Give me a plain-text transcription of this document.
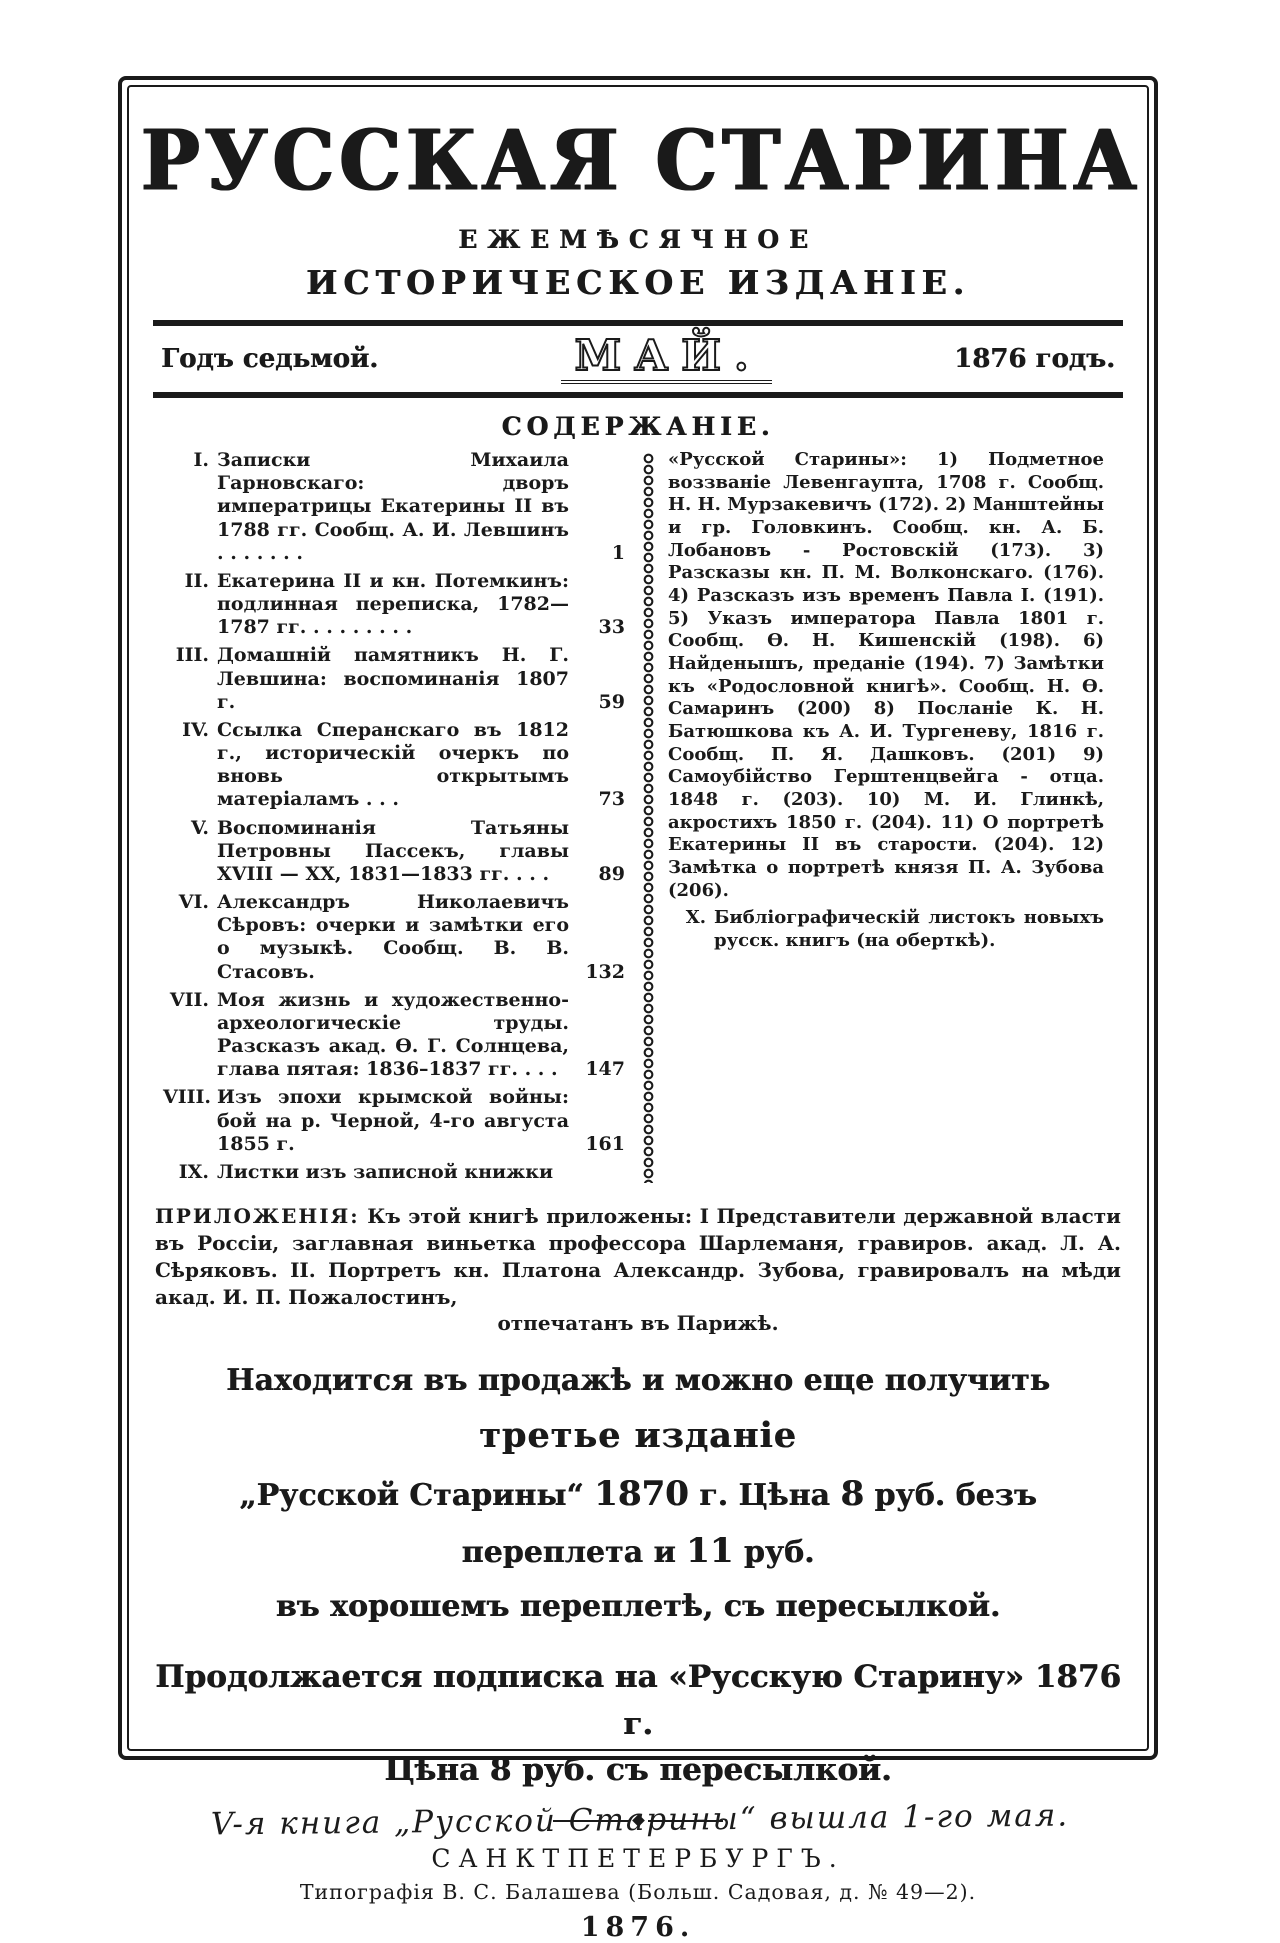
РУССКАЯ СТАРИНА
ЕЖЕМѢСЯЧНОЕ
ИСТОРИЧЕСКОЕ ИЗДАНІЕ.
Годъ седьмой.	МАЙ.	1876 годъ.
СОДЕРЖАНІЕ.
I. Записки Михаила Гарновскаго: дворъ императрицы Екатерины II въ 1788 гг. Сообщ. А. И. Левшинъ . . . . . . .	1
II. Екатерина II и кн. Потемкинъ: подлинная переписка, 1782—1787 гг. . . . . . . . .	33
III. Домашній памятникъ Н. Г. Левшина: воспоминанія 1807 г.	59
IV. Ссылка Сперанскаго въ 1812 г., историческій очеркъ по вновь открытымъ матеріаламъ . . .	73
V. Воспоминанія Татьяны Петровны Пассекъ, главы XVIII — XX, 1831—1833 гг. . . .	89
VI. Александръ Николаевичъ Сѣровъ: очерки и замѣтки его о музыкѣ. Сообщ. В. В. Стасовъ.	132
VII. Моя жизнь и художественно-археологическіе труды. Разсказъ акад. Ѳ. Г. Солнцева, глава пятая: 1836–1837 гг. . . .	147
VIII. Изъ эпохи крымской войны: бой на р. Черной, 4-го августа 1855 г.	161
IX. Листки изъ записной книжки
«Русской Старины»: 1) Подметное воззваніе Левенгаупта, 1708 г. Сообщ. Н. Н. Мурзакевичъ (172). 2) Манштейны и гр. Головкинъ. Сообщ. кн. А. Б. Лобановъ - Ростовскій (173). 3) Разсказы кн. П. М. Волконскаго. (176). 4) Разсказъ изъ временъ Павла I. (191). 5) Указъ императора Павла 1801 г. Сообщ. Ѳ. Н. Кишенскій (198). 6) Найденышъ, преданіе (194). 7) Замѣтки къ «Родословной книгѣ». Сообщ. Н. Ѳ. Самаринъ (200) 8) Посланіе К. Н. Батюшкова къ А. И. Тургеневу, 1816 г. Сообщ. П. Я. Дашковъ. (201) 9) Самоубійство Герштенцвейга - отца. 1848 г. (203). 10) М. И. Глинкѣ, акростихъ 1850 г. (204). 11) О портретѣ Екатерины II въ старости. (204). 12) Замѣтка о портретѣ князя П. А. Зубова (206).
X. Библіографическій листокъ новыхъ русск. книгъ (на оберткѣ).
ПРИЛОЖЕНІЯ: Къ этой книгѣ приложены: I Представители державной власти въ Россіи, заглавная виньетка профессора Шарлеманя, гравиров. акад. Л. А. Сѣряковъ. II. Портретъ кн. Платона Александр. Зубова, гравировалъ на мѣди акад. И. П. Пожалостинъ,
отпечатанъ въ Парижѣ.
Находится въ продажѣ и можно еще получить третье изданіе
„Русской Старины“ 1870 г. Цѣна 8 руб. безъ переплета и 11 руб.
въ хорошемъ переплетѣ, съ пересылкой.
Продолжается подписка на «Русскую Старину» 1876 г.
Цѣна 8 руб. съ пересылкой.
САНКТПЕТЕРБУРГЪ.
Типографія В. С. Балашева (Больш. Садовая, д. № 49—2).
1876.
V-я книга „Русской Старины“ вышла 1-го мая.
